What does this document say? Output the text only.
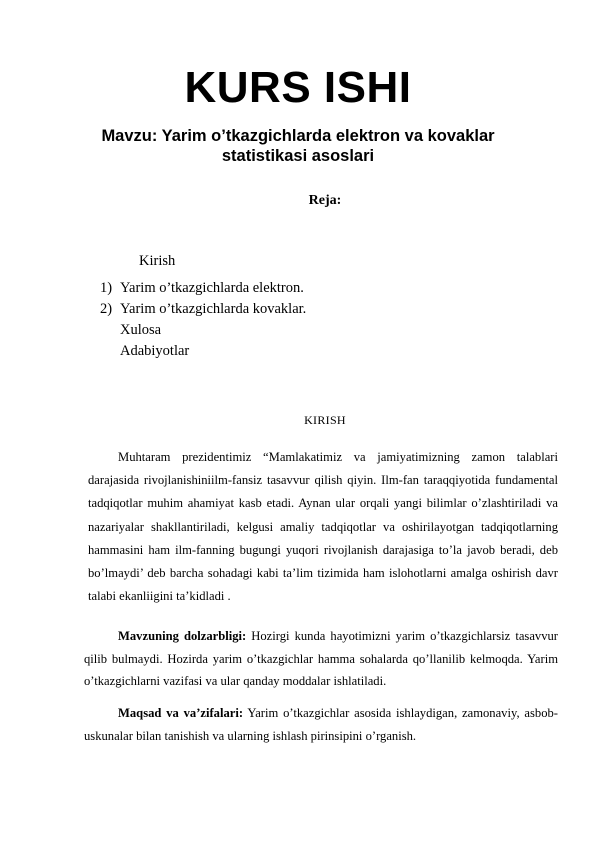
KURS ISHI
Mavzu: Yarim o’tkazgichlarda elektron va kovaklar statistikasi asoslari
Reja:
Kirish
1) Yarim o’tkazgichlarda elektron.
2) Yarim o’tkazgichlarda kovaklar.
Xulosa
Adabiyotlar
KIRISH
Muhtaram prezidentimiz “Mamlakatimiz va jamiyatimizning zamon talablari darajasida rivojlanishiniilm-fansiz tasavvur qilish qiyin. Ilm-fan taraqqiyotida fundamental tadqiqotlar muhim ahamiyat kasb etadi. Aynan ular orqali yangi bilimlar o’zlashtiriladi va nazariyalar shakllantiriladi, kelgusi amaliy tadqiqotlar va oshirilayotgan tadqiqotlarning hammasini ham ilm-fanning bugungi yuqori rivojlanish darajasiga to’la javob beradi, deb bo’lmaydi’ deb barcha sohadagi kabi ta’lim tizimida ham islohotlarni amalga oshirish davr talabi ekanliigini ta’kidladi .
Mavzuning dolzarbligi: Hozirgi kunda hayotimizni yarim o’tkazgichlarsiz tasavvur qilib bulmaydi. Hozirda yarim o’tkazgichlar hamma sohalarda qo’llanilib kelmoqda. Yarim o’tkazgichlarni vazifasi va ular qanday moddalar ishlatiladi.
Maqsad va va’zifalari: Yarim o’tkazgichlar asosida ishlaydigan, zamonaviy, asbob-uskunalar bilan tanishish va ularning ishlash pirinsipini o’rganish.
